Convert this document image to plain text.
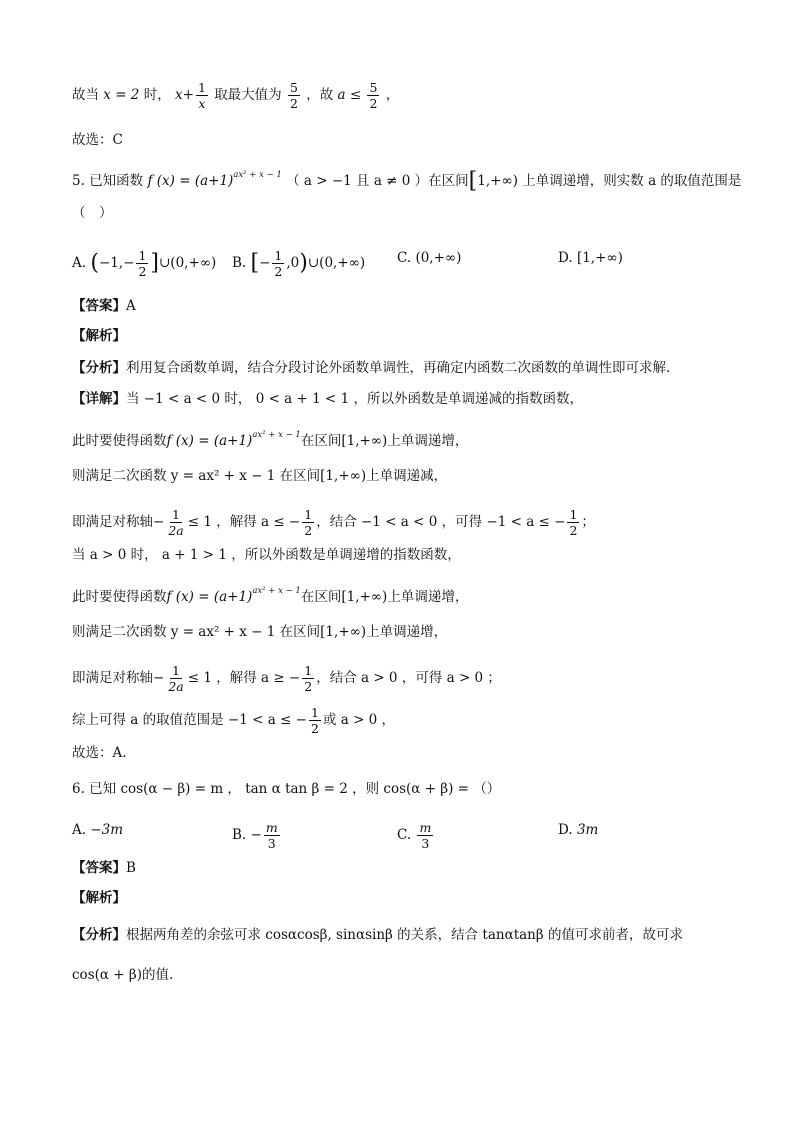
故当 x = 2 时， $x+ \frac{1}{x}$ 取最大值为 $\frac{5}{2}$ ，故 $a \le \frac{5}{2}$ ，
故选：C
5. 已知函数 f $(x) = (a+1)^{ax^2 + x - 1}$ （ a > −1 且 a ≠ 0 ）在区间[1,+∞) 上单调递增，则实数 a 的取值范围是
（　）
A. ($-1,- \frac{1}{2}$ ]∪(0,+∞) B. [− $\frac{1}{2}$ ,0)∪(0,+∞) C. (0,+∞)	D. [1,+∞)
【答案】A
【解析】
【分析】利用复合函数单调，结合分段讨论外函数单调性，再确定内函数二次函数的单调性即可求解.
【详解】当 −1 < a < 0 时， 0 < a + 1 < 1 ，所以外函数是单调递减的指数函数，
此时要使得函数f $(x) = (a+1)^{ax^2 + x - 1}$在区间[1,+∞)上单调递增，
则满足二次函数 y = ax² + x − 1 在区间[1,+∞)上单调递减，
即满足对称轴− $\frac{1}{2a} \le 1$ ，解得 a ≤ − $\frac{1}{2}$ ，结合 −1 < a < 0 ，可得 −1 < a ≤ − $\frac{1}{2}$ ；
当 a > 0 时， a + 1 > 1 ，所以外函数是单调递增的指数函数，
此时要使得函数f $(x) = (a+1)^{ax^2 + x - 1}$在区间[1,+∞)上单调递增，
则满足二次函数 y = ax² + x − 1 在区间[1,+∞)上单调递增，
即满足对称轴− $\frac{1}{2a} \le 1$ ，解得 a ≥ − $\frac{1}{2}$ ，结合 a > 0 ，可得 a > 0 ；
综上可得 a 的取值范围是 −1 < a ≤ − $\frac{1}{2}$ 或 a > 0 ，
故选：A.
6. 已知 cos(α − β) = m ， tan α tan β = 2 ，则 cos(α + β) = （）
A. −3m	B. − $\frac{m}{3}$	C. $\frac{m}{3}$	D. 3m
【答案】B
【解析】
【分析】根据两角差的余弦可求 cosαcosβ, sinαsinβ 的关系，结合 tanαtanβ 的值可求前者，故可求
cos(α + β)的值.
